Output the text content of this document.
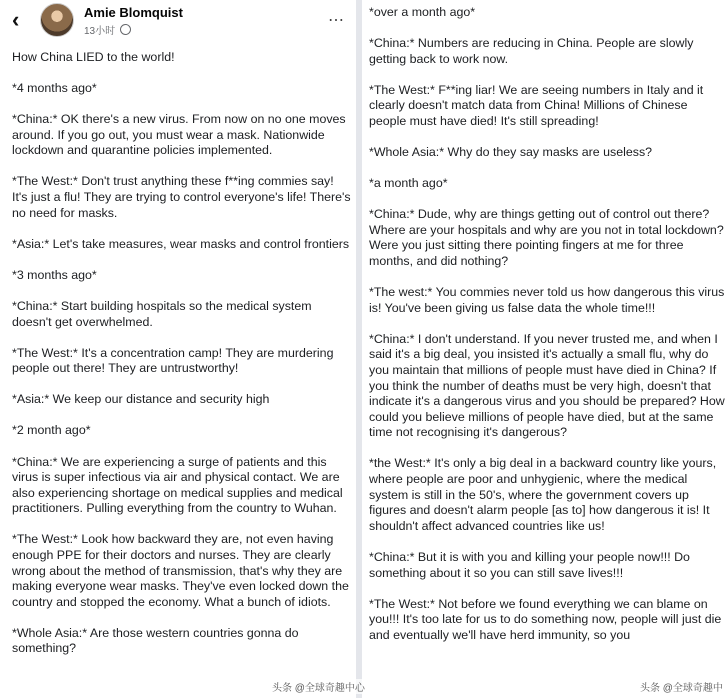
‹	Amie Blomquist
13小时
⋯

How China LIED to the world!

*4 months ago*

*China:* OK there's a new virus. From now on no one moves around. If you go out, you must wear a mask. Nationwide lockdown and quarantine policies implemented.

*The West:* Don't trust anything these f**ing commies say! It's just a flu! They are trying to control everyone's life! There's no need for masks.

*Asia:* Let's take measures, wear masks and control frontiers

*3 months ago*

*China:* Start building hospitals so the medical system doesn't get overwhelmed.

*The West:* It's a concentration camp! They are murdering people out there! They are untrustworthy!

*Asia:* We keep our distance and security high

*2 month ago*

*China:* We are experiencing a surge of patients and this virus is super infectious via air and physical contact. We are also experiencing shortage on medical supplies and medical practitioners. Pulling everything from the country to Wuhan.

*The West:* Look how backward they are, not even having enough PPE for their doctors and nurses. They are clearly wrong about the method of transmission, that's why they are making everyone wear masks. They've even locked down the country and stopped the economy. What a bunch of idiots.

*Whole Asia:* Are those western countries gonna do something?

*over a month ago*

*China:* Numbers are reducing in China. People are slowly getting back to work now.

*The West:* F**ing liar! We are seeing numbers in Italy and it clearly doesn't match data from China! Millions of Chinese people must have died! It's still spreading!

*Whole Asia:* Why do they say masks are useless?

*a month ago*

*China:* Dude, why are things getting out of control out there? Where are your hospitals and why are you not in total lockdown? Were you just sitting there pointing fingers at me for three months, and did nothing?

*The west:* You commies never told us how dangerous this virus is! You've been giving us false data the whole time!!!

*China:* I don't understand. If you never trusted me, and when I said it's a big deal, you insisted it's actually a small flu, why do you maintain that millions of people must have died in China? If you think the number of deaths must be very high, doesn't that indicate it's a dangerous virus and you should be prepared? How could you believe millions of people have died, but at the same time not recognising it's dangerous?

*the West:* It's only a big deal in a backward country like yours, where people are poor and unhygienic, where the medical system is still in the 50's, where the government covers up figures and doesn't alarm people [as to] how dangerous it is! It shouldn't affect advanced countries like us!

*China:* But it is with you and killing your people now!!! Do something about it so you can still save lives!!!

*The West:* Not before we found everything we can blame on you!!! It's too late for us to do something now, people will just die and eventually we'll have herd immunity, so you

头条 @全球奇趣中心	头条 @全球奇趣中
